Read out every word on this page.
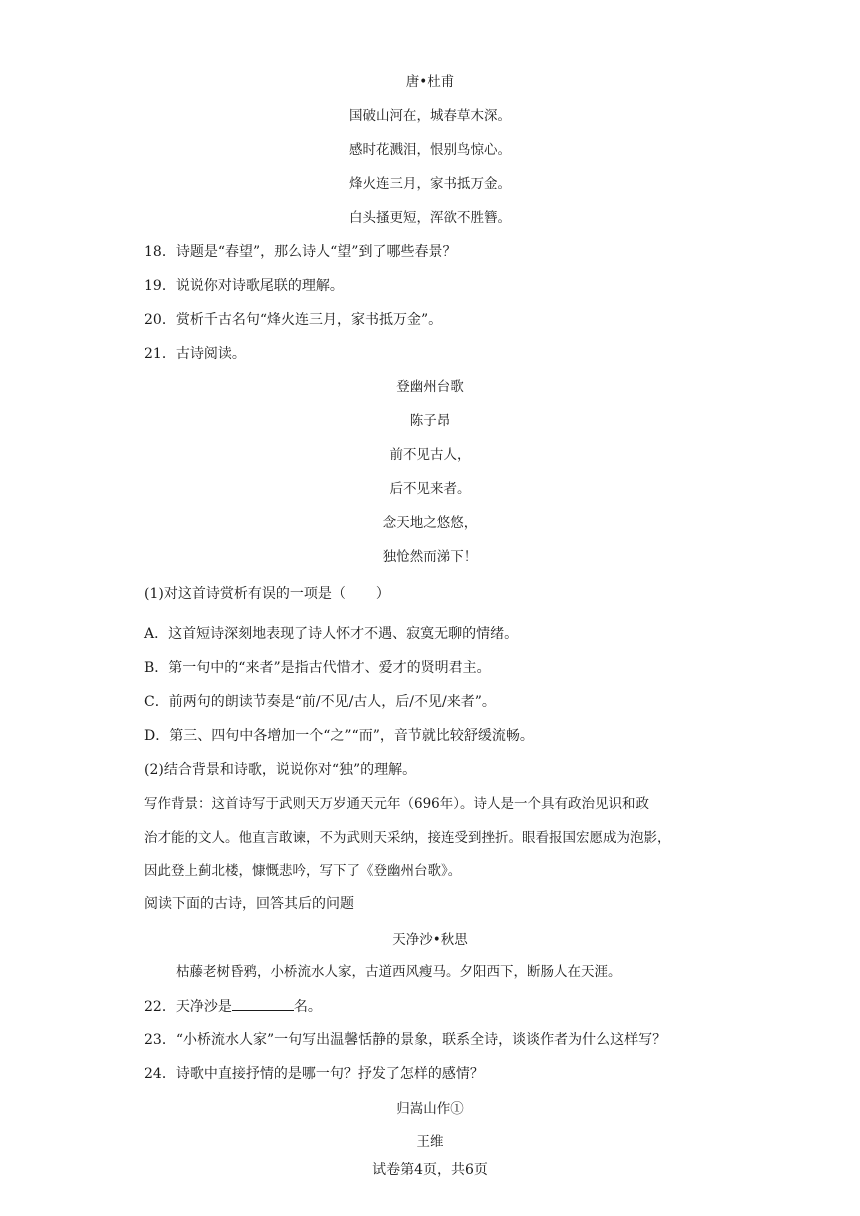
唐•杜甫
国破山河在，城春草木深。
感时花溅泪，恨别鸟惊心。
烽火连三月，家书抵万金。
白头搔更短，浑欲不胜簪。
18．诗题是“春望”，那么诗人“望”到了哪些春景？
19．说说你对诗歌尾联的理解。
20．赏析千古名句“烽火连三月，家书抵万金”。
21．古诗阅读。
登幽州台歌
陈子昂
前不见古人，
后不见来者。
念天地之悠悠，
独怆然而涕下！
(1)对这首诗赏析有误的一项是（ ）
A．这首短诗深刻地表现了诗人怀才不遇、寂寞无聊的情绪。
B．第一句中的“来者”是指古代惜才、爱才的贤明君主。
C．前两句的朗读节奏是“前/不见/古人，后/不见/来者”。
D．第三、四句中各增加一个“之”“而”，音节就比较舒缓流畅。
(2)结合背景和诗歌，说说你对“独”的理解。
写作背景：这首诗写于武则天万岁通天元年（696年）。诗人是一个具有政治见识和政
治才能的文人。他直言敢谏，不为武则天采纳，接连受到挫折。眼看报国宏愿成为泡影，
因此登上蓟北楼，慷慨悲吟，写下了《登幽州台歌》。
阅读下面的古诗，回答其后的问题
天净沙•秋思
枯藤老树昏鸦，小桥流水人家，古道西风瘦马。夕阳西下，断肠人在天涯。
22．天净沙是	名。
23．“小桥流水人家”一句写出温馨恬静的景象，联系全诗，谈谈作者为什么这样写？
24．诗歌中直接抒情的是哪一句？抒发了怎样的感情？
归嵩山作①
王维
试卷第4页，共6页
